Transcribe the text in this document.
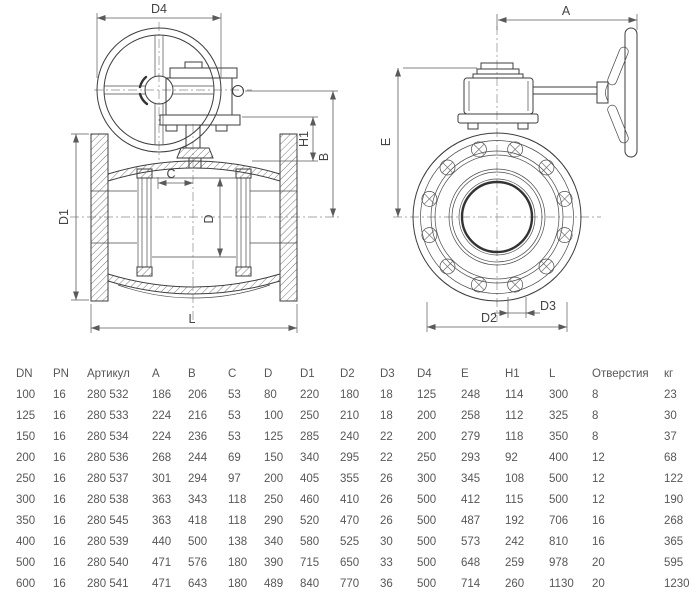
D4
H1
B
D1	D
C
L
A
E
D3
D2
DN	PN	Артикул	A	B	C	D	D1	D2	D3	D4	E	H1	L	Отверстия	кг
100	16	280 532	186	206	53	80	220	180	18	125	248	114	300	8	23
125	16	280 533	224	216	53	100	250	210	18	200	258	112	325	8	30
150	16	280 534	224	236	53	125	285	240	22	200	279	118	350	8	37
200	16	280 536	268	244	69	150	340	295	22	250	293	92	400	12	68
250	16	280 537	301	294	97	200	405	355	26	300	345	108	500	12	122
300	16	280 538	363	343	118	250	460	410	26	500	412	115	500	12	190
350	16	280 545	363	418	118	290	520	470	26	500	487	192	706	16	268
400	16	280 539	440	500	138	340	580	525	30	500	573	242	810	16	365
500	16	280 540	471	576	180	390	715	650	33	500	648	259	978	20	595
600	16	280 541	471	643	180	489	840	770	36	500	714	260	1130	20	1230
